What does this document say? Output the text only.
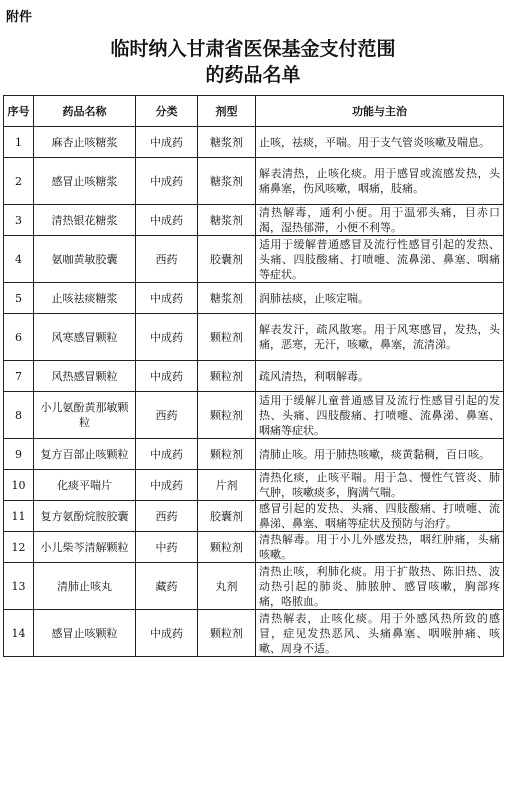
附件
临时纳入甘肃省医保基金支付范围
的药品名单
序号	药品名称	分类	剂型	功能与主治
1	麻杏止咳糖浆	中成药	糖浆剂	止咳，祛痰，平喘。用于支气管炎咳嗽及喘息。
2	感冒止咳糖浆	中成药	糖浆剂	解表清热，止咳化痰。用于感冒或流感发热，头痛鼻塞，伤风咳嗽，咽痛，肢痛。
3	清热银花糖浆	中成药	糖浆剂	清热解毒，通利小便。用于温邪头痛，目赤口渴，湿热郁滞，小便不利等。
4	氨咖黄敏胶囊	西药	胶囊剂	适用于缓解普通感冒及流行性感冒引起的发热、头痛、四肢酸痛、打喷嚏、流鼻涕、鼻塞、咽痛等症状。
5	止咳祛痰糖浆	中成药	糖浆剂	润肺祛痰，止咳定喘。
6	风寒感冒颗粒	中成药	颗粒剂	解表发汗，疏风散寒。用于风寒感冒，发热，头痛，恶寒，无汗，咳嗽，鼻塞，流清涕。
7	风热感冒颗粒	中成药	颗粒剂	疏风清热，利咽解毒。
8	小儿氨酚黄那敏颗粒	西药	颗粒剂	适用于缓解儿童普通感冒及流行性感冒引起的发热、头痛、四肢酸痛、打喷嚏、流鼻涕、鼻塞、咽痛等症状。
9	复方百部止咳颗粒	中成药	颗粒剂	清肺止咳。用于肺热咳嗽，痰黄黏稠，百日咳。
10	化痰平喘片	中成药	片剂	清热化痰，止咳平喘。用于急、慢性气管炎、肺气肿，咳嗽痰多，胸满气喘。
11	复方氨酚烷胺胶囊	西药	胶囊剂	感冒引起的发热、头痛、四肢酸痛、打喷嚏、流鼻涕、鼻塞、咽痛等症状及预防与治疗。
12	小儿柴芩清解颗粒	中药	颗粒剂	清热解毒。用于小儿外感发热，咽红肿痛，头痛咳嗽。
13	清肺止咳丸	藏药	丸剂	清热止咳，利肺化痰。用于扩散热、陈旧热、波动热引起的肺炎、肺脓肿、感冒咳嗽，胸部疼痛，咯脓血。
14	感冒止咳颗粒	中成药	颗粒剂	清热解表，止咳化痰。用于外感风热所致的感冒，症见发热恶风、头痛鼻塞、咽喉肿痛、咳嗽、周身不适。
